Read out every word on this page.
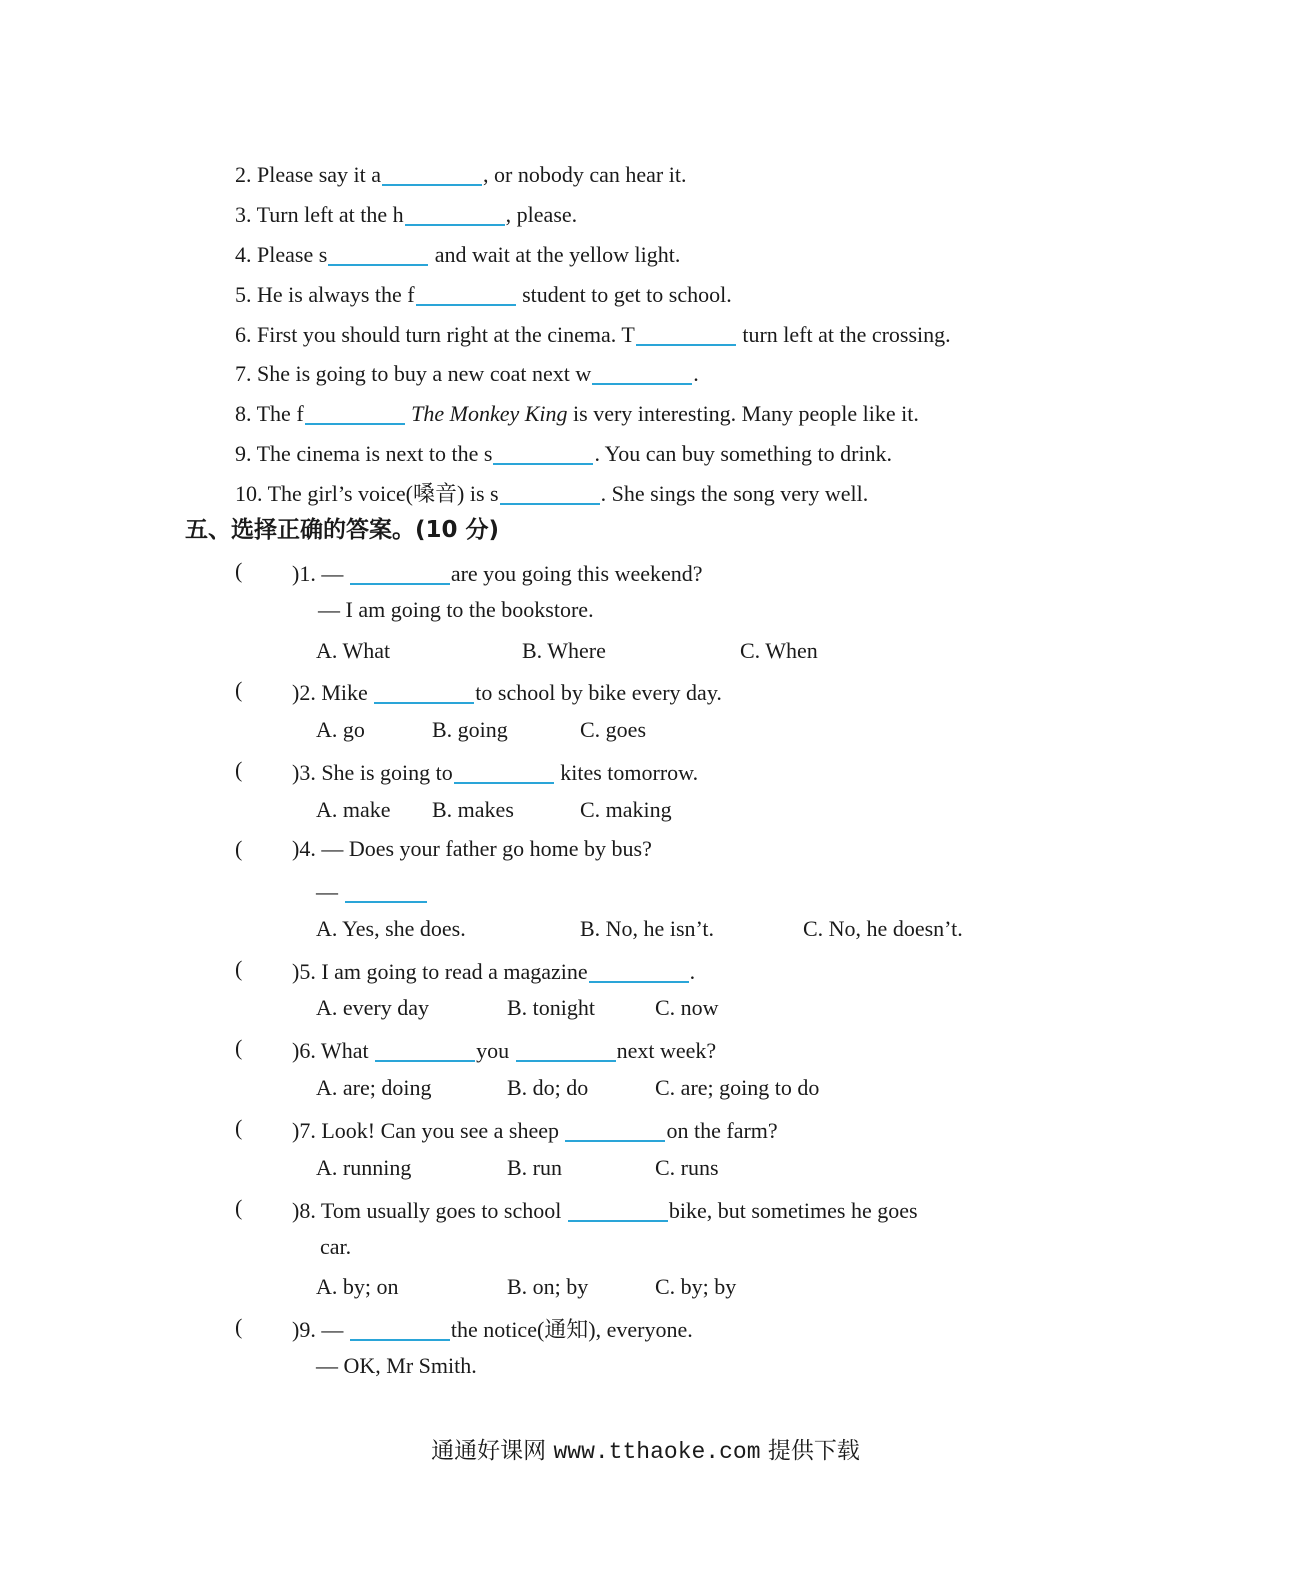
2. Please say it a	, or nobody can hear it.
3. Turn left at the h	, please.
4. Please s	and wait at the yellow light.
5. He is always the f	student to get to school.
6. First you should turn right at the cinema. T	turn left at the crossing.
7. She is going to buy a new coat next w	.
8. The f	The Monkey King is very interesting. Many people like it.
9. The cinema is next to the s	. You can buy something to drink.
10. The girl’s voice(嗓音) is s	. She sings the song very well.
五、选择正确的答案。(10 分)
( )1. —	are you going this weekend?
— I am going to the bookstore.
A. What	B. Where	C. When
( )2. Mike	to school by bike every day.
A. go	B. going	C. goes
( )3. She is going to	kites tomorrow.
A. make B. makes	C. making
( )4. — Does your father go home by bus?
—
A. Yes, she does.	B. No, he isn’t.	C. No, he doesn’t.
( )5. I am going to read a magazine	.
A. every day	B. tonight	C. now
( )6. What	you	next week?
A. are; doing	B. do; do	C. are; going to do
( )7. Look! Can you see a sheep	on the farm?
A. running	B. run	C. runs
( )8. Tom usually goes to school	bike, but sometimes he goes
car.
A. by; on	B. on; by	C. by; by
( )9. —	the notice(通知), everyone.
— OK, Mr Smith.
通通好课网 www.tthaoke.com 提供下载
